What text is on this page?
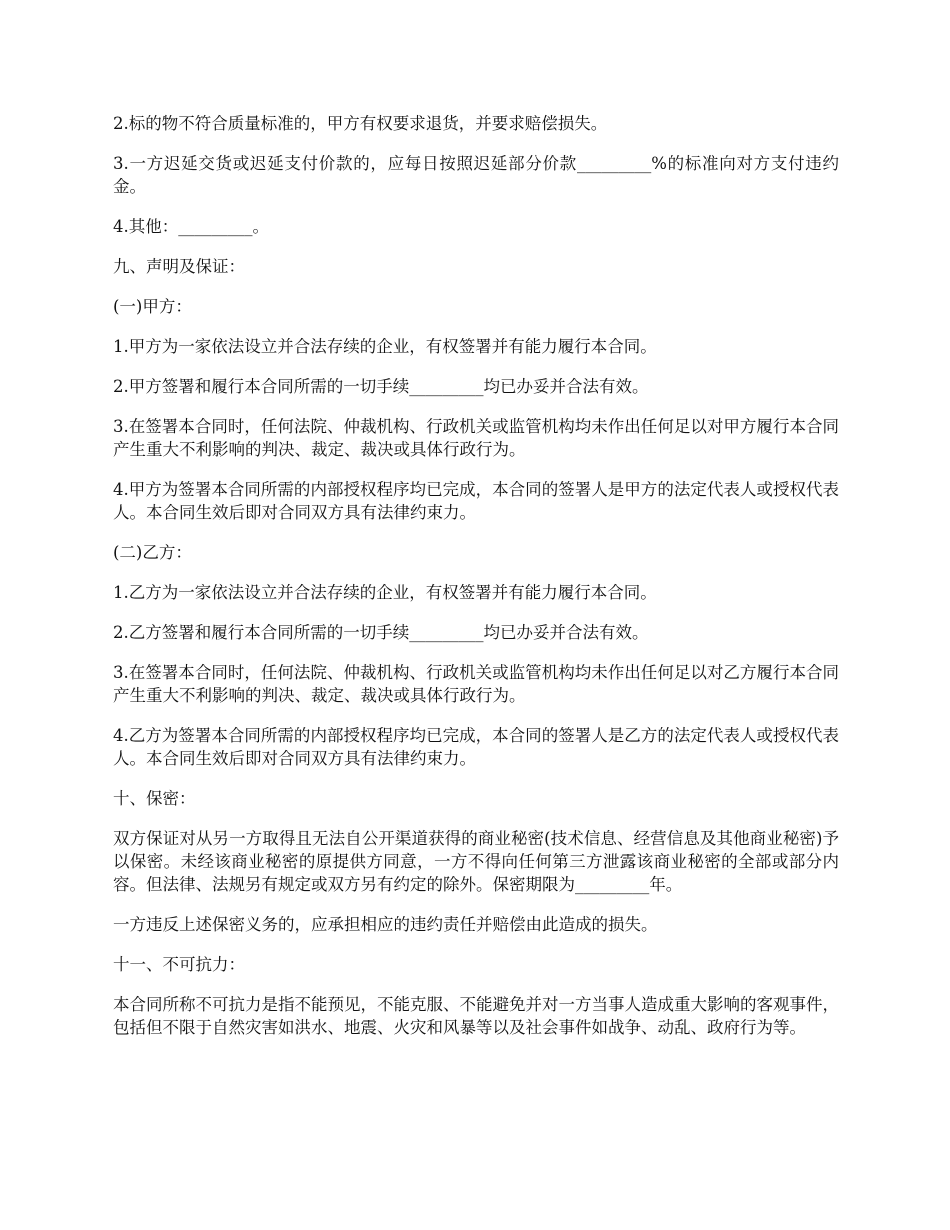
2.标的物不符合质量标准的，甲方有权要求退货，并要求赔偿损失。

3.一方迟延交货或迟延支付价款的，应每日按照迟延部分价款_________%的标准向对方支付违约金。

4.其他：_________。

九、声明及保证：

(一)甲方：

1.甲方为一家依法设立并合法存续的企业，有权签署并有能力履行本合同。

2.甲方签署和履行本合同所需的一切手续_________均已办妥并合法有效。

3.在签署本合同时，任何法院、仲裁机构、行政机关或监管机构均未作出任何足以对甲方履行本合同产生重大不利影响的判决、裁定、裁决或具体行政行为。

4.甲方为签署本合同所需的内部授权程序均已完成，本合同的签署人是甲方的法定代表人或授权代表人。本合同生效后即对合同双方具有法律约束力。

(二)乙方：

1.乙方为一家依法设立并合法存续的企业，有权签署并有能力履行本合同。

2.乙方签署和履行本合同所需的一切手续_________均已办妥并合法有效。

3.在签署本合同时，任何法院、仲裁机构、行政机关或监管机构均未作出任何足以对乙方履行本合同产生重大不利影响的判决、裁定、裁决或具体行政行为。

4.乙方为签署本合同所需的内部授权程序均已完成，本合同的签署人是乙方的法定代表人或授权代表人。本合同生效后即对合同双方具有法律约束力。

十、保密：

双方保证对从另一方取得且无法自公开渠道获得的商业秘密(技术信息、经营信息及其他商业秘密)予以保密。未经该商业秘密的原提供方同意，一方不得向任何第三方泄露该商业秘密的全部或部分内容。但法律、法规另有规定或双方另有约定的除外。保密期限为_________年。

一方违反上述保密义务的，应承担相应的违约责任并赔偿由此造成的损失。

十一、不可抗力：

本合同所称不可抗力是指不能预见，不能克服、不能避免并对一方当事人造成重大影响的客观事件，包括但不限于自然灾害如洪水、地震、火灾和风暴等以及社会事件如战争、动乱、政府行为等。
